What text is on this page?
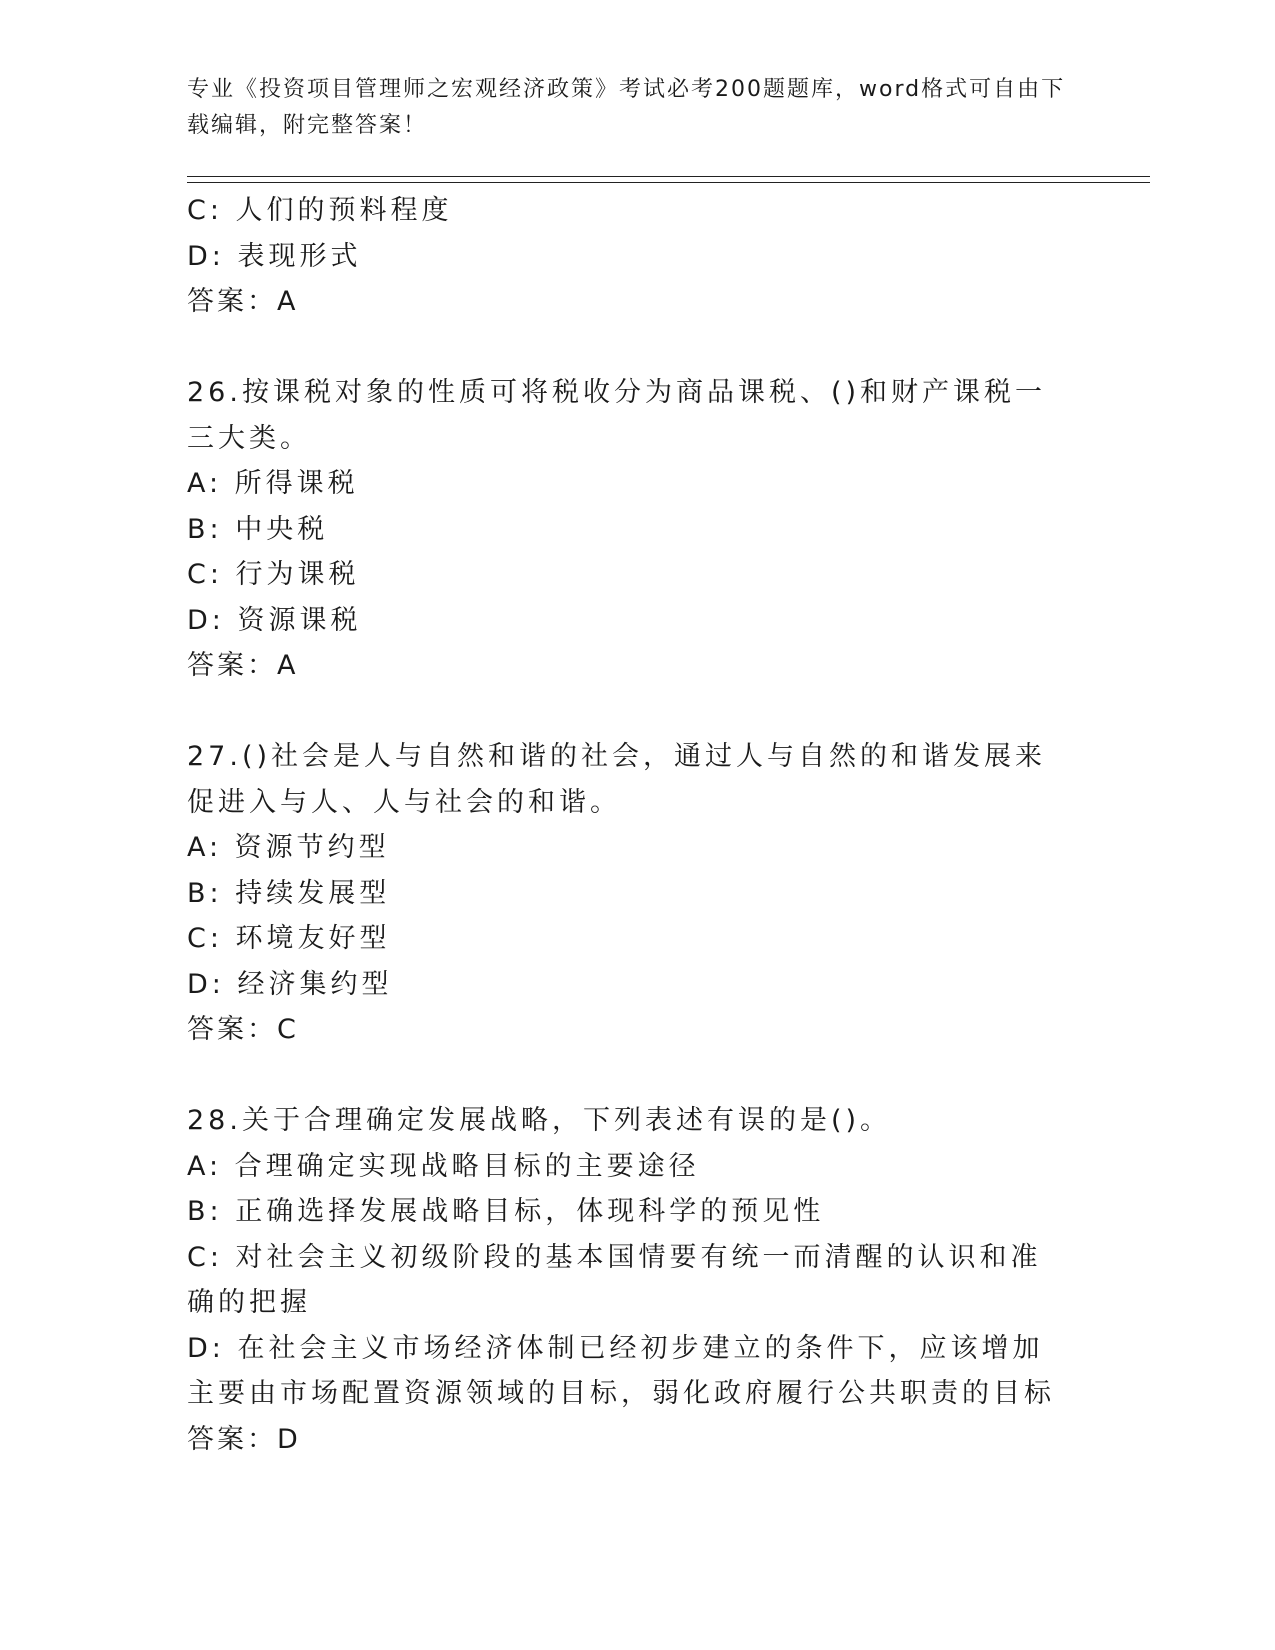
专业《投资项目管理师之宏观经济政策》考试必考200题题库，word格式可自由下载编辑，附完整答案！

C: 人们的预料程度

D: 表现形式

答案：A

26.按课税对象的性质可将税收分为商品课税、()和财产课税一三大类。

A: 所得课税

B: 中央税

C: 行为课税

D: 资源课税

答案：A

27.()社会是人与自然和谐的社会，通过人与自然的和谐发展来促进入与人、人与社会的和谐。

A: 资源节约型

B: 持续发展型

C: 环境友好型

D: 经济集约型

答案：C

28.关于合理确定发展战略，下列表述有误的是()。

A: 合理确定实现战略目标的主要途径

B: 正确选择发展战略目标，体现科学的预见性

C: 对社会主义初级阶段的基本国情要有统一而清醒的认识和准确的把握

D: 在社会主义市场经济体制已经初步建立的条件下，应该增加主要由市场配置资源领域的目标，弱化政府履行公共职责的目标

答案：D
